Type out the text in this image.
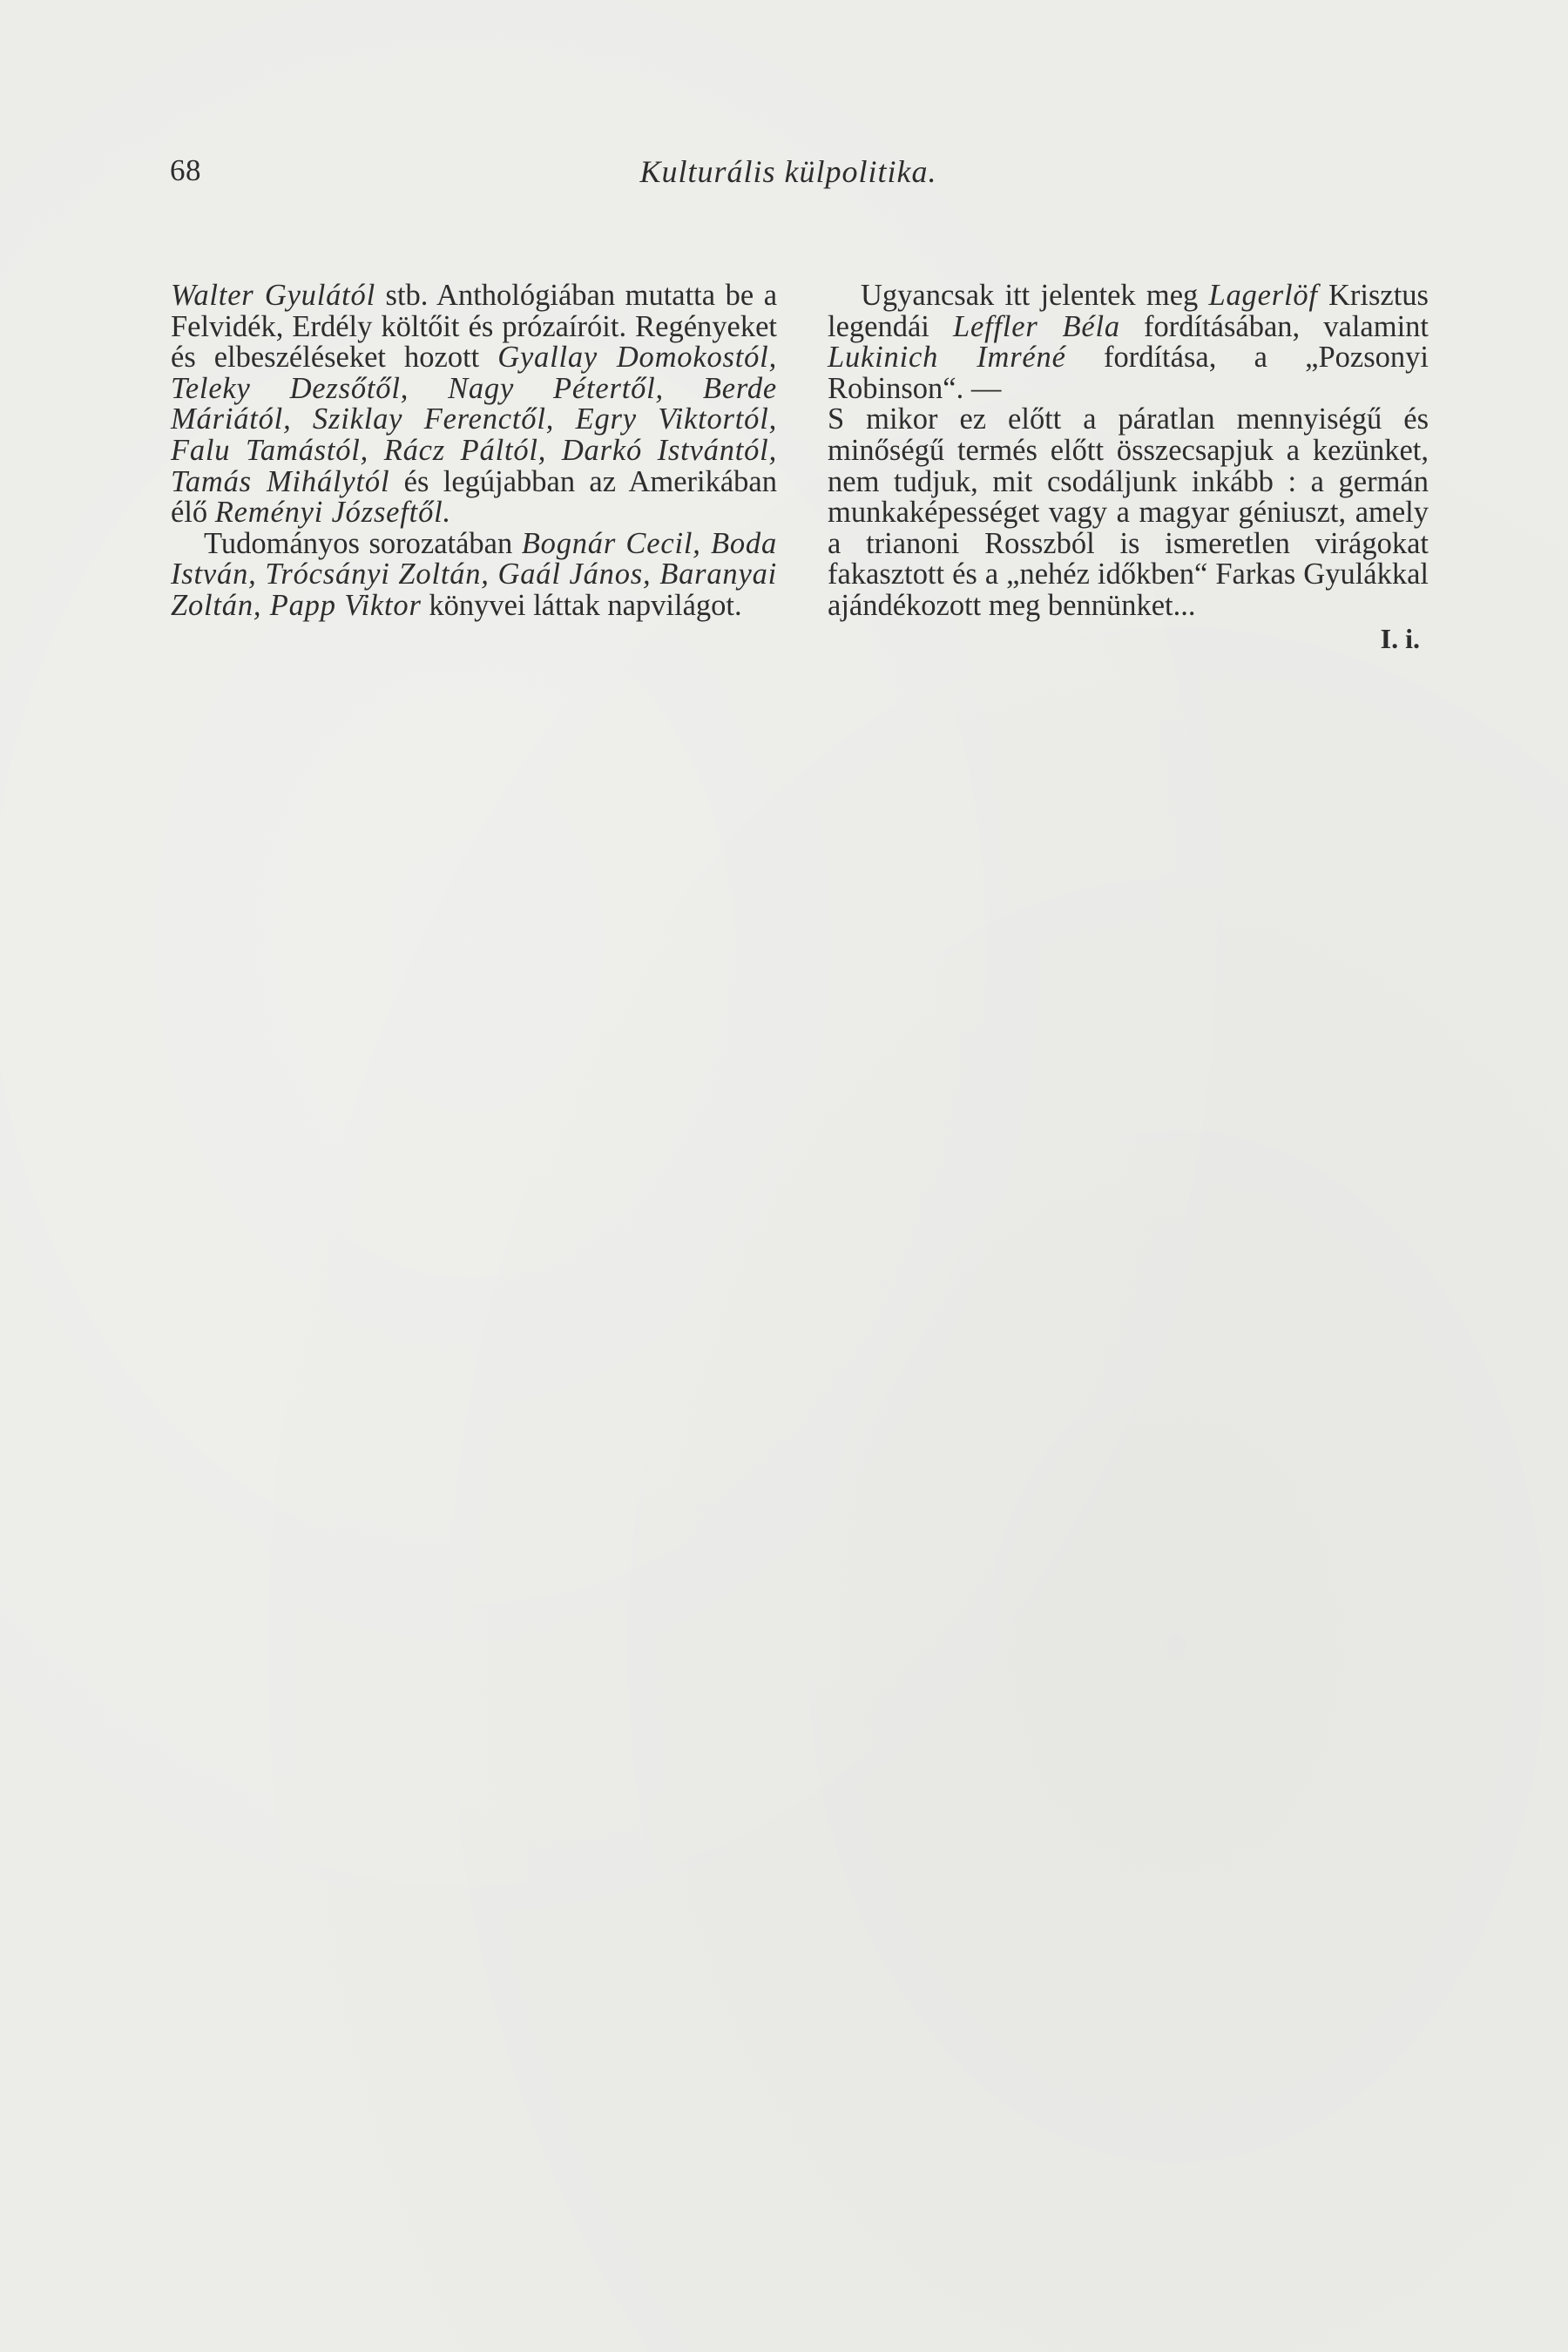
68	Kulturális külpolitika.

Walter Gyulától stb. Anthológiában mutatta be a Felvidék, Erdély költőit és prózaíróit. Regényeket és elbeszéléseket hozott Gyallay Domokostól, Teleky Dezsőtől, Nagy Pétertől, Berde Máriától, Sziklay Ferenctől, Egry Viktortól, Falu Tamástól, Rácz Páltól, Darkó Istvántól, Tamás Mihálytól és legújabban az Amerikában élő Reményi Józseftől.

Tudományos sorozatában Bognár Cecil, Boda István, Trócsányi Zoltán, Gaál János, Baranyai Zoltán, Papp Viktor könyvei láttak napvilágot.

Ugyancsak itt jelentek meg Lagerlöf Krisztus legendái Leffler Béla fordításában, valamint Lukinich Imréné fordítása, a „Pozsonyi Robinson“. —

S mikor ez előtt a páratlan mennyiségű és minőségű termés előtt összecsapjuk a kezünket, nem tudjuk, mit csodáljunk inkább : a germán munkaképességet vagy a magyar géniuszt, amely a trianoni Rosszból is ismeretlen virágokat fakasztott és a „nehéz időkben“ Farkas Gyulákkal ajándékozott meg bennünket...

I. i.
